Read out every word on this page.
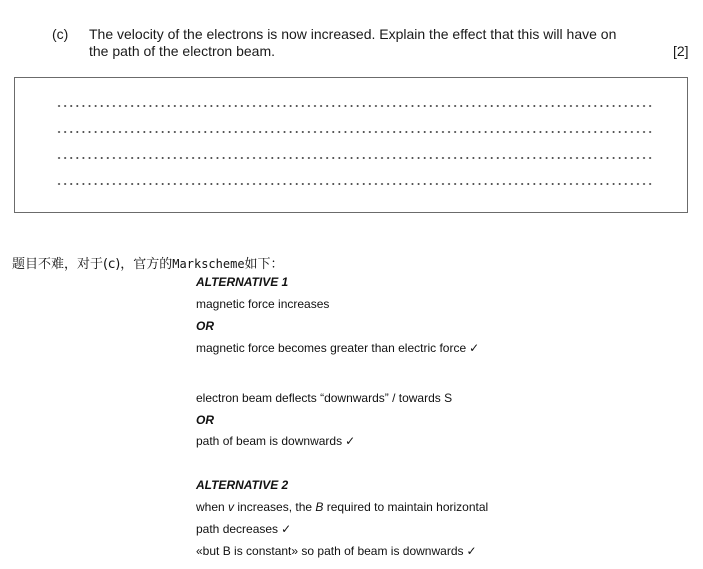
(c) The velocity of the electrons is now increased. Explain the effect that this will have on
the path of the electron beam.	[2]
题目不难，对于(c)，官方的Markscheme如下：
ALTERNATIVE 1
magnetic force increases
OR
magnetic force becomes greater than electric force ✓
electron beam deflects “downwards” / towards S
OR
path of beam is downwards ✓
ALTERNATIVE 2
when v increases, the B required to maintain horizontal
path decreases ✓
«but B is constant» so path of beam is downwards ✓
